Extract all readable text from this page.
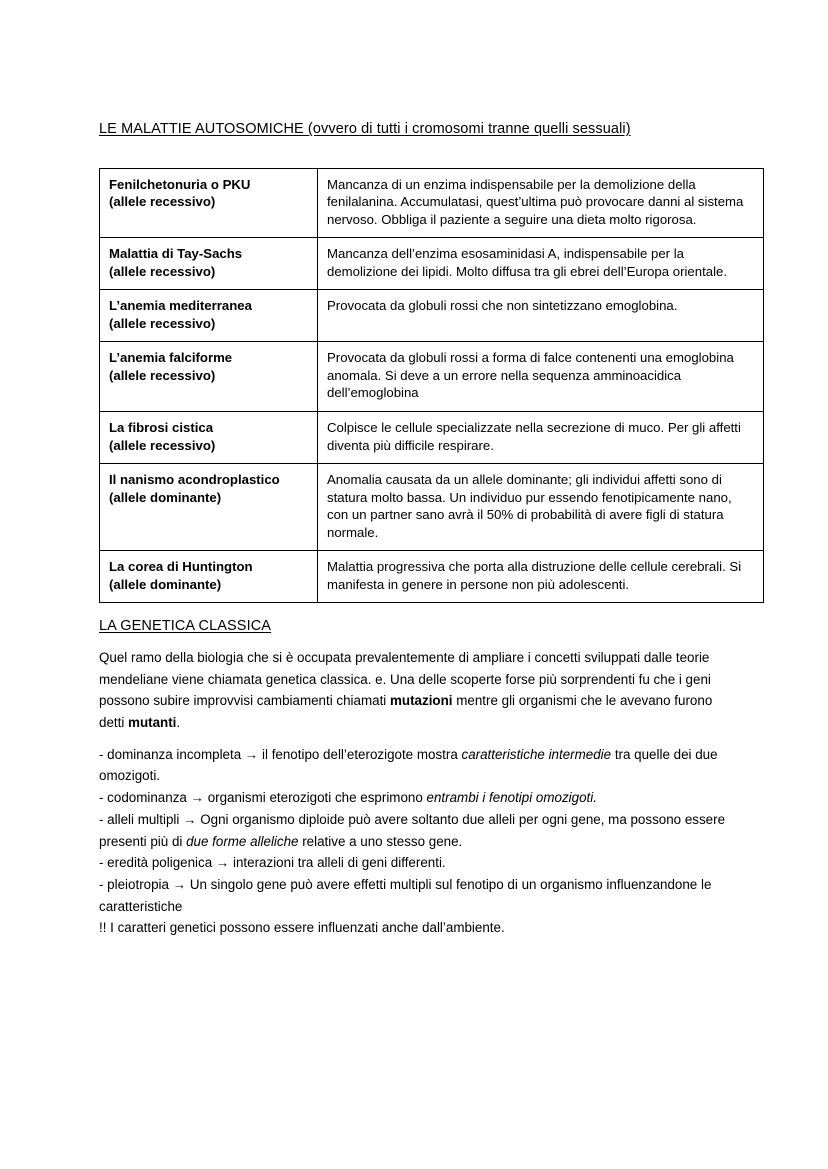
LE MALATTIE AUTOSOMICHE (ovvero di tutti i cromosomi tranne quelli sessuali)
Fenilchetonuria o PKU
(allele recessivo)	Mancanza di un enzima indispensabile per la demolizione della fenilalanina. Accumulatasi, quest’ultima può provocare danni al sistema nervoso. Obbliga il paziente a seguire una dieta molto rigorosa.

Malattia di Tay-Sachs
(allele recessivo)	Mancanza dell’enzima esosaminidasi A, indispensabile per la demolizione dei lipidi. Molto diffusa tra gli ebrei dell’Europa orientale.

L’anemia mediterranea
(allele recessivo)	Provocata da globuli rossi che non sintetizzano emoglobina.

L’anemia falciforme
(allele recessivo)	Provocata da globuli rossi a forma di falce contenenti una emoglobina anomala. Si deve a un errore nella sequenza amminoacidica dell’emoglobina

La fibrosi cistica
(allele recessivo)	Colpisce le cellule specializzate nella secrezione di muco. Per gli affetti diventa più difficile respirare.

Il nanismo acondroplastico
(allele dominante)	Anomalia causata da un allele dominante; gli individui affetti sono di statura molto bassa. Un individuo pur essendo fenotipicamente nano, con un partner sano avrà il 50% di probabilità di avere figli di statura normale.

La corea di Huntington
(allele dominante)	Malattia progressiva che porta alla distruzione delle cellule cerebrali. Si manifesta in genere in persone non più adolescenti.
LA GENETICA CLASSICA

Quel ramo della biologia che si è occupata prevalentemente di ampliare i concetti sviluppati dalle teorie mendeliane viene chiamata genetica classica. e. Una delle scoperte forse più sorprendenti fu che i geni possono subire improvvisi cambiamenti chiamati mutazioni mentre gli organismi che le avevano furono detti mutanti.

- dominanza incompleta → il fenotipo dell’eterozigote mostra caratteristiche intermedie tra quelle dei due omozigoti.
- codominanza → organismi eterozigoti che esprimono entrambi i fenotipi omozigoti.
- alleli multipli → Ogni organismo diploide può avere soltanto due alleli per ogni gene, ma possono essere presenti più di due forme alleliche relative a uno stesso gene.
- eredità poligenica → interazioni tra alleli di geni differenti.
- pleiotropia → Un singolo gene può avere effetti multipli sul fenotipo di un organismo influenzandone le caratteristiche

!! I caratteri genetici possono essere influenzati anche dall’ambiente.
